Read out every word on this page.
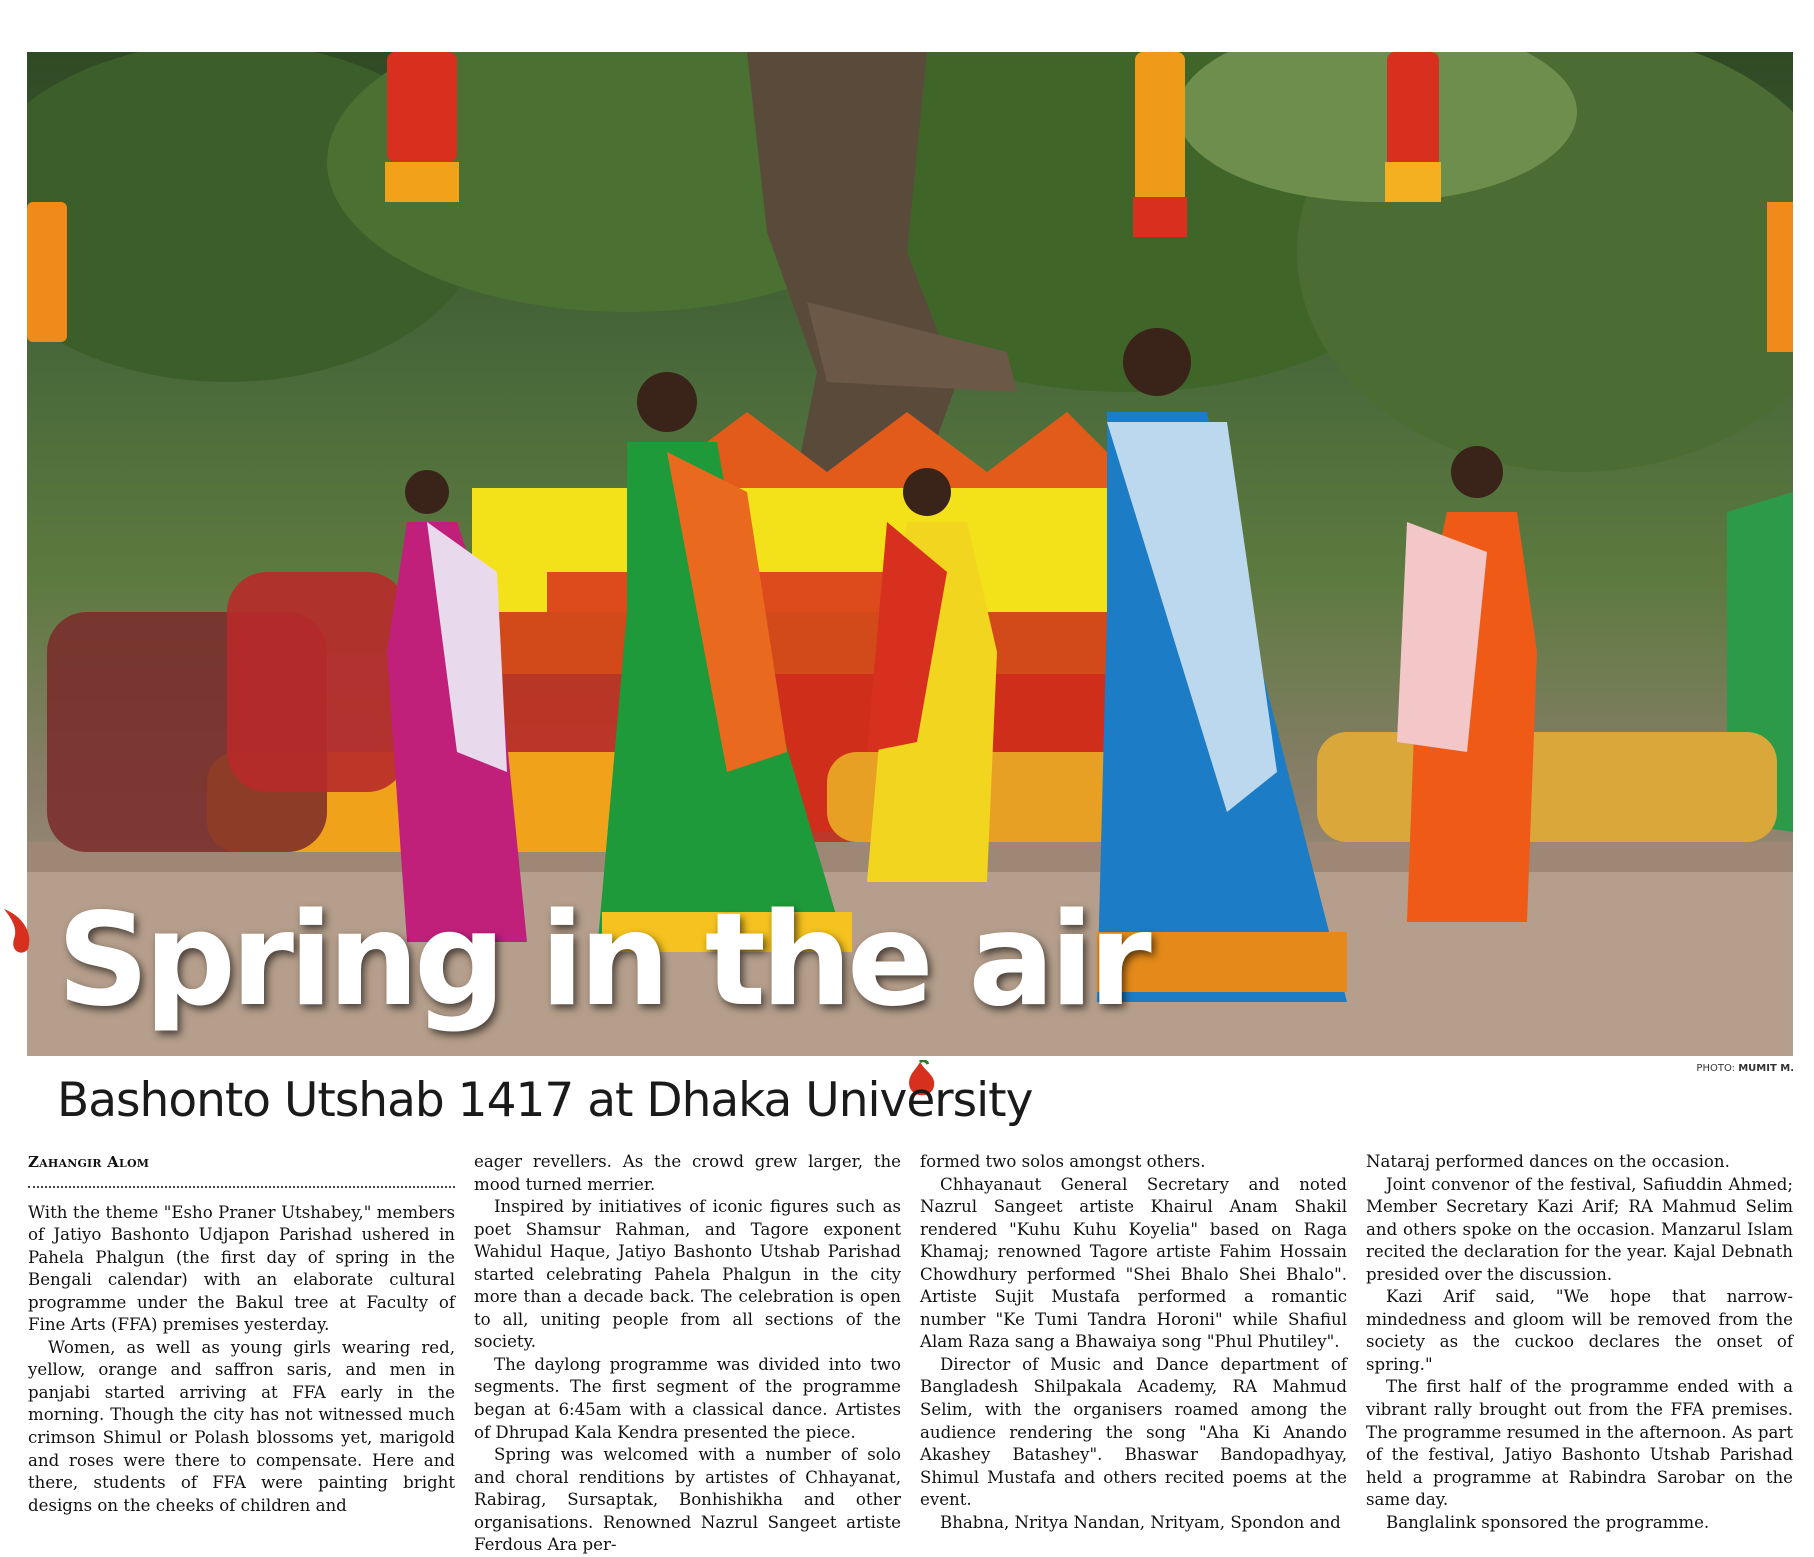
Spring in the air
PHOTO: MUMIT M.
Bashonto Utshab 1417 at Dhaka University
Zahangir Alom

With the theme "Esho Praner Utshabey," members of Jatiyo Bashonto Udjapon Parishad ushered in Pahela Phalgun (the first day of spring in the Bengali calendar) with an elaborate cultural programme under the Bakul tree at Faculty of Fine Arts (FFA) premises yesterday.

Women, as well as young girls wearing red, yellow, orange and saffron saris, and men in panjabi started arriving at FFA early in the morning. Though the city has not witnessed much crimson Shimul or Polash blossoms yet, marigold and roses were there to compensate. Here and there, students of FFA were painting bright designs on the cheeks of children and

eager revellers. As the crowd grew larger, the mood turned merrier.

Inspired by initiatives of iconic figures such as poet Shamsur Rahman, and Tagore exponent Wahidul Haque, Jatiyo Bashonto Utshab Parishad started celebrating Pahela Phalgun in the city more than a decade back. The celebration is open to all, uniting people from all sections of the society.

The daylong programme was divided into two segments. The first segment of the programme began at 6:45am with a classical dance. Artistes of Dhrupad Kala Kendra presented the piece.

Spring was welcomed with a number of solo and choral renditions by artistes of Chhayanat, Rabirag, Sursaptak, Bonhishikha and other organisations. Renowned Nazrul Sangeet artiste Ferdous Ara per-

formed two solos amongst others.

Chhayanaut General Secretary and noted Nazrul Sangeet artiste Khairul Anam Shakil rendered "Kuhu Kuhu Koyelia" based on Raga Khamaj; renowned Tagore artiste Fahim Hossain Chowdhury performed "Shei Bhalo Shei Bhalo". Artiste Sujit Mustafa performed a romantic number "Ke Tumi Tandra Horoni" while Shafiul Alam Raza sang a Bhawaiya song "Phul Phutiley".

Director of Music and Dance department of Bangladesh Shilpakala Academy, RA Mahmud Selim, with the organisers roamed among the audience rendering the song "Aha Ki Anando Akashey Batashey". Bhaswar Bandopadhyay, Shimul Mustafa and others recited poems at the event.

Bhabna, Nritya Nandan, Nrityam, Spondon and

Nataraj performed dances on the occasion.

Joint convenor of the festival, Safiuddin Ahmed; Member Secretary Kazi Arif; RA Mahmud Selim and others spoke on the occasion. Manzarul Islam recited the declaration for the year. Kajal Debnath presided over the discussion.

Kazi Arif said, "We hope that narrow-mindedness and gloom will be removed from the society as the cuckoo declares the onset of spring."

The first half of the programme ended with a vibrant rally brought out from the FFA premises. The programme resumed in the afternoon. As part of the festival, Jatiyo Bashonto Utshab Parishad held a programme at Rabindra Sarobar on the same day.

Banglalink sponsored the programme.
